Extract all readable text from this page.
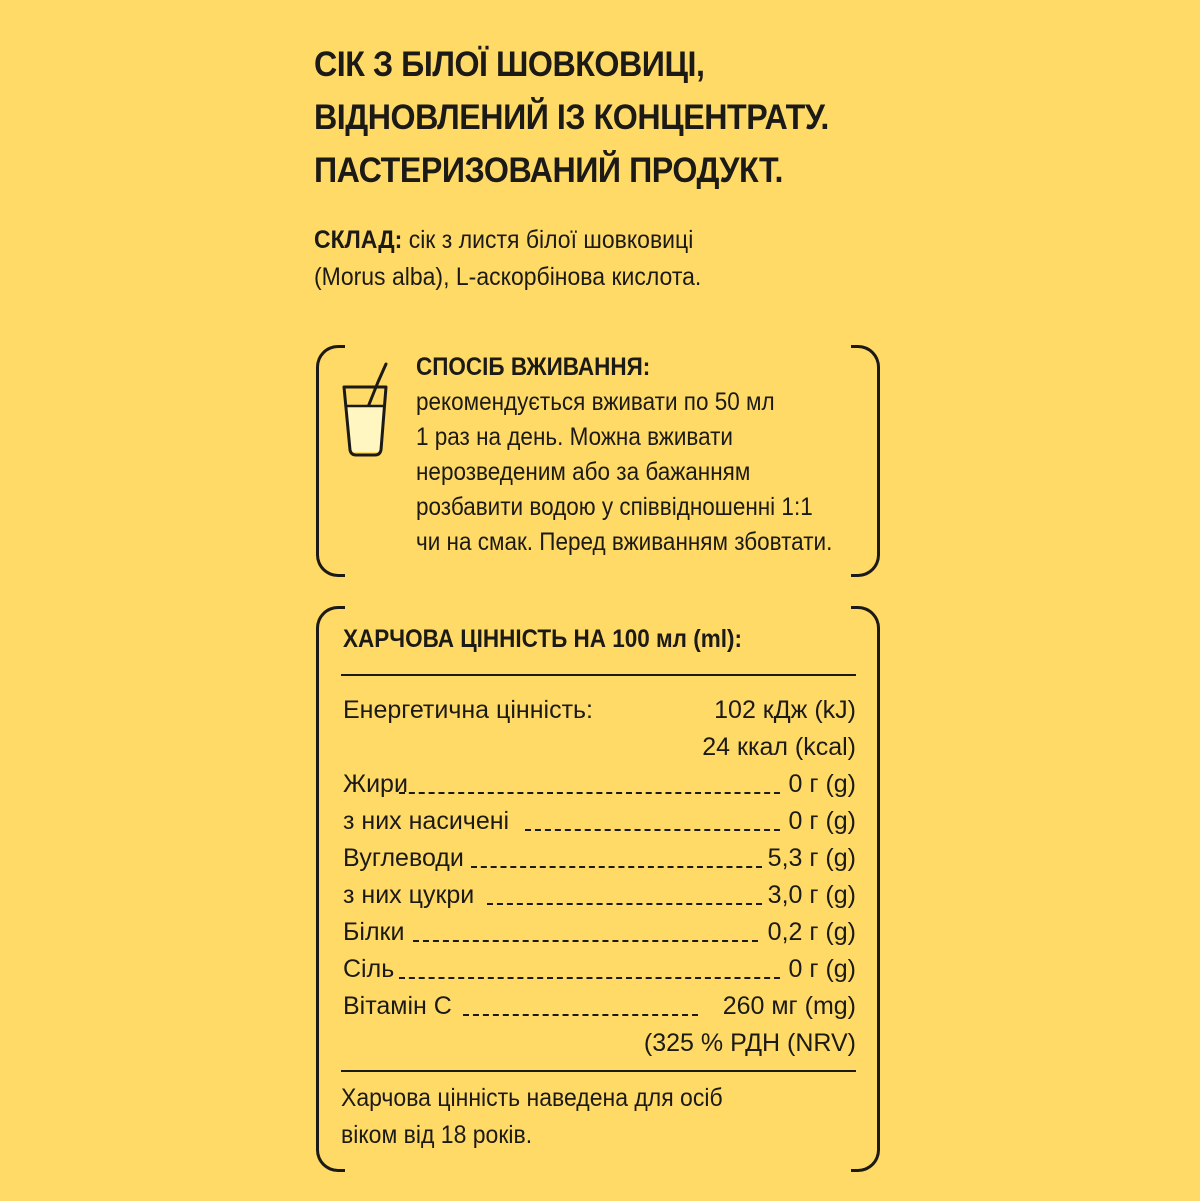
СІК З БІЛОЇ ШОВКОВИЦІ,
ВІДНОВЛЕНИЙ ІЗ КОНЦЕНТРАТУ.
ПАСТЕРИЗОВАНИЙ ПРОДУКТ.
СКЛАД: сік з листя білої шовковиці
(Morus alba), L-аскорбінова кислота.
СПОСІБ ВЖИВАННЯ:
рекомендується вживати по 50 мл
1 раз на день. Можна вживати
нерозведеним або за бажанням
розбавити водою у співвідношенні 1:1
чи на смак. Перед вживанням збовтати.
ХАРЧОВА ЦІННІСТЬ НА 100 мл (ml):
Енергетична цінність:	102 кДж (kJ)
24 ккал (kcal)
Жири	0 г (g)
з них насичені	0 г (g)
Вуглеводи	5,3 г (g)
з них цукри	3,0 г (g)
Білки	0,2 г (g)
Сіль	0 г (g)
Вітамін С	260 мг (mg)
(325 % РДН (NRV)
Харчова цінність наведена для осіб
віком від 18 років.
